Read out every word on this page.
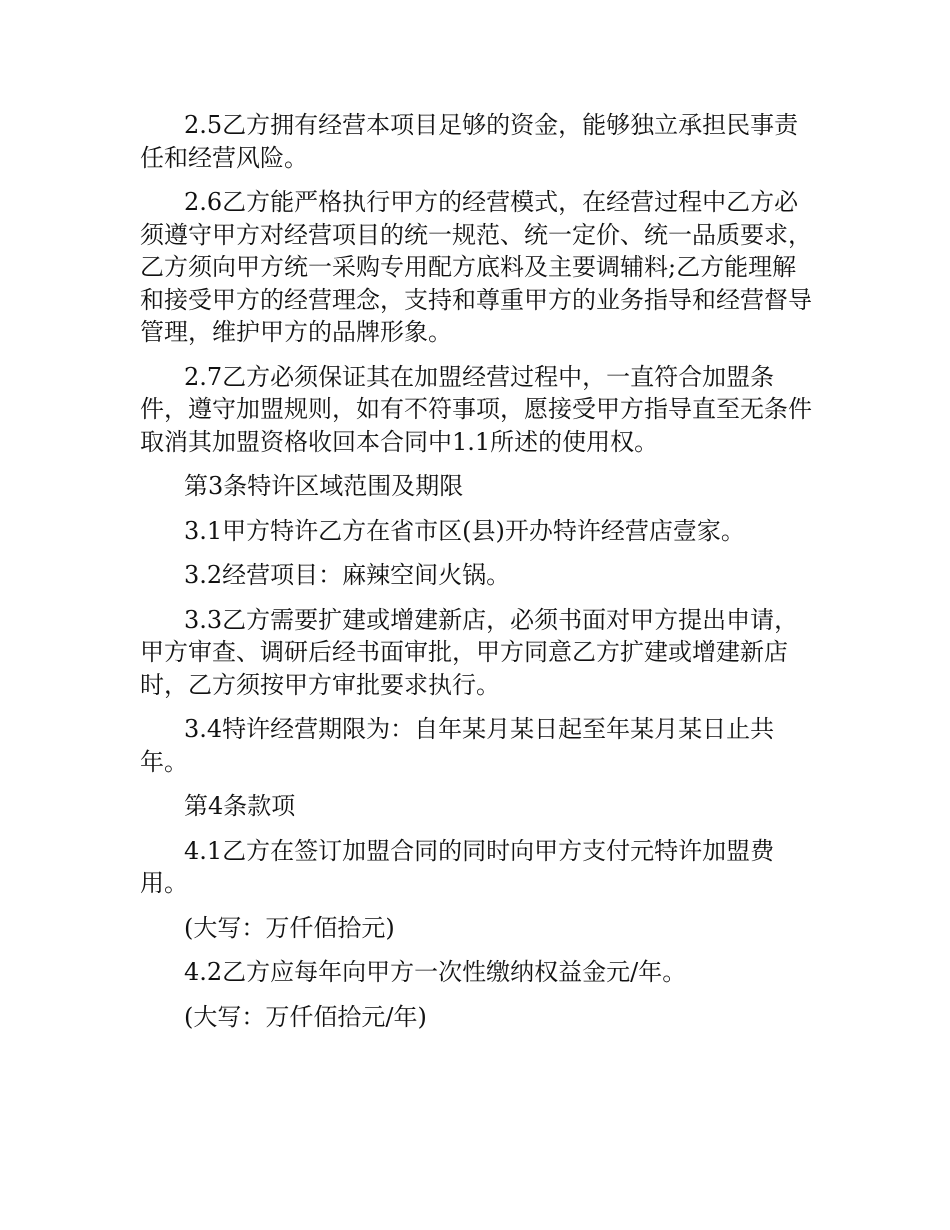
2.5乙方拥有经营本项目足够的资金，能够独立承担民事责任和经营风险。

2.6乙方能严格执行甲方的经营模式，在经营过程中乙方必须遵守甲方对经营项目的统一规范、统一定价、统一品质要求，乙方须向甲方统一采购专用配方底料及主要调辅料;乙方能理解和接受甲方的经营理念，支持和尊重甲方的业务指导和经营督导管理，维护甲方的品牌形象。

2.7乙方必须保证其在加盟经营过程中，一直符合加盟条件，遵守加盟规则，如有不符事项，愿接受甲方指导直至无条件取消其加盟资格收回本合同中1.1所述的使用权。

第3条特许区域范围及期限

3.1甲方特许乙方在省市区(县)开办特许经营店壹家。

3.2经营项目：麻辣空间火锅。

3.3乙方需要扩建或增建新店，必须书面对甲方提出申请，甲方审查、调研后经书面审批，甲方同意乙方扩建或增建新店时，乙方须按甲方审批要求执行。

3.4特许经营期限为：自年某月某日起至年某月某日止共年。

第4条款项

4.1乙方在签订加盟合同的同时向甲方支付元特许加盟费用。

(大写：万仟佰拾元)

4.2乙方应每年向甲方一次性缴纳权益金元/年。

(大写：万仟佰拾元/年)
